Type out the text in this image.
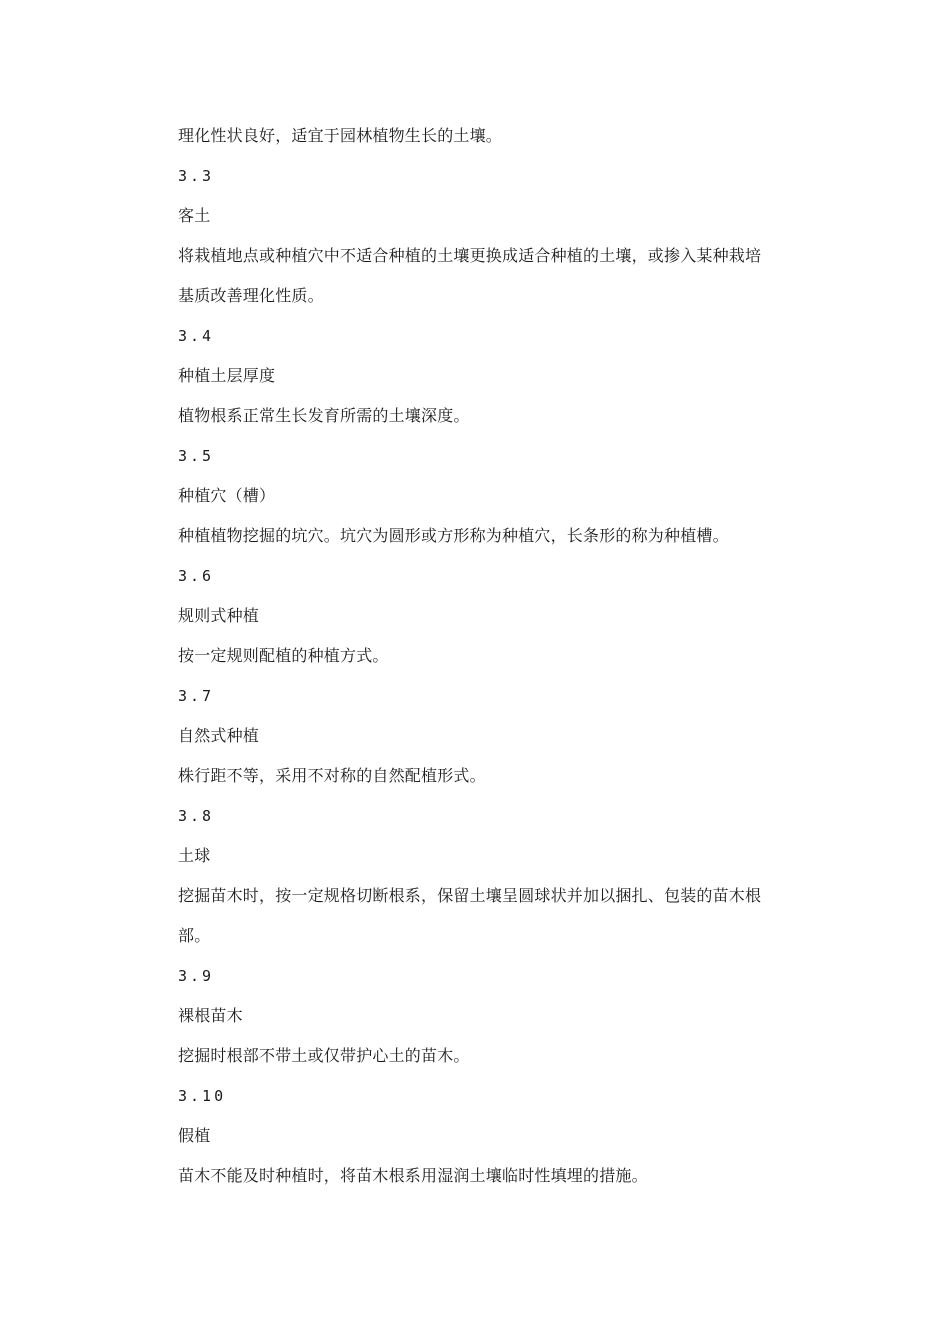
理化性状良好，适宜于园林植物生长的土壤。
3.3
客土
将栽植地点或种植穴中不适合种植的土壤更换成适合种植的土壤，或掺入某种栽培
基质改善理化性质。
3.4
种植土层厚度
植物根系正常生长发育所需的土壤深度。
3.5
种植穴（槽）
种植植物挖掘的坑穴。坑穴为圆形或方形称为种植穴，长条形的称为种植槽。
3.6
规则式种植
按一定规则配植的种植方式。
3.7
自然式种植
株行距不等，采用不对称的自然配植形式。
3.8
土球
挖掘苗木时，按一定规格切断根系，保留土壤呈圆球状并加以捆扎、包装的苗木根
部。
3.9
裸根苗木
挖掘时根部不带土或仅带护心土的苗木。
3.10
假植
苗木不能及时种植时，将苗木根系用湿润土壤临时性填埋的措施。
